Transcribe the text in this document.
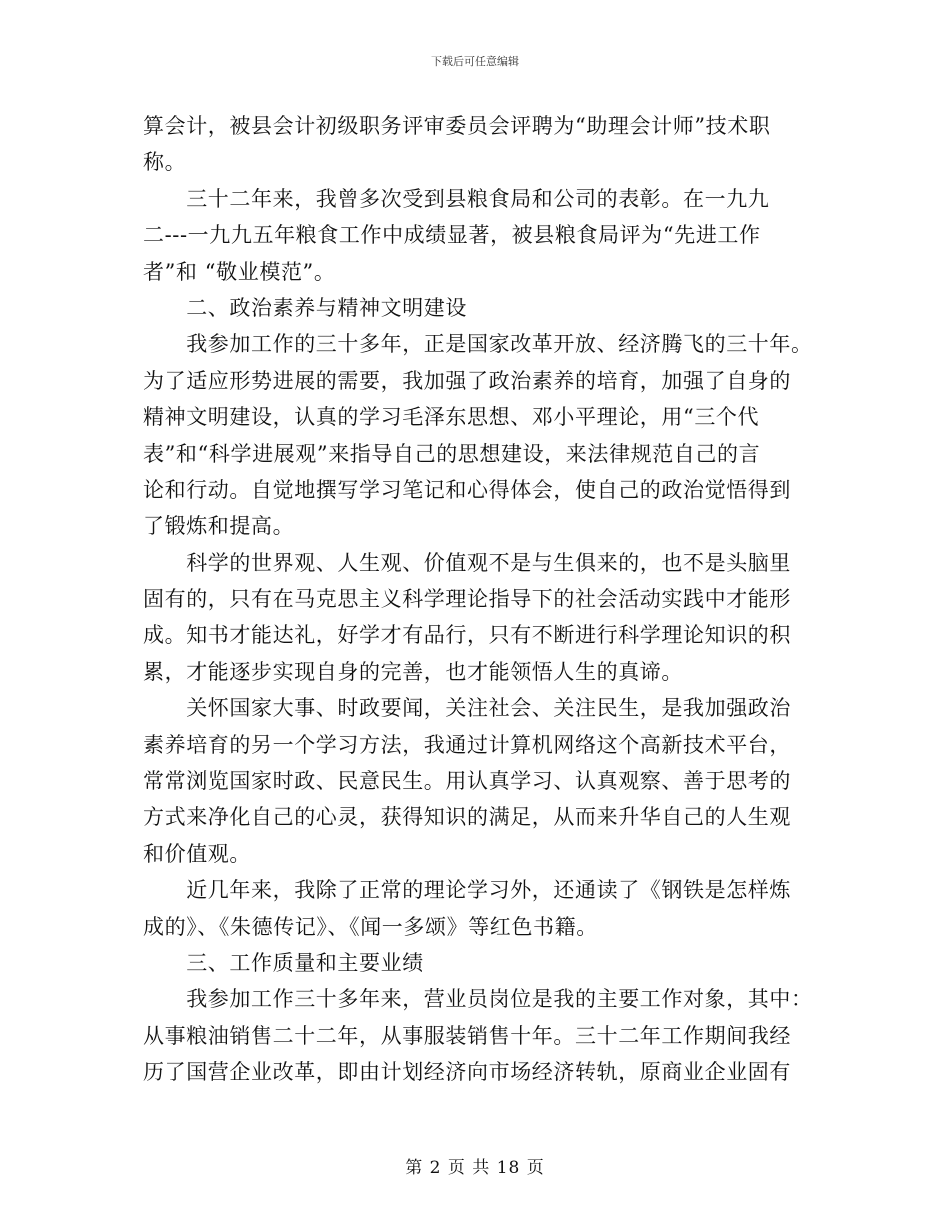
下载后可任意编辑
算会计，被县会计初级职务评审委员会评聘为“助理会计师”技术职
称。
　　三十二年来，我曾多次受到县粮食局和公司的表彰。在一九九
二---一九九五年粮食工作中成绩显著，被县粮食局评为“先进工作
者”和 “敬业模范”。
　　二、政治素养与精神文明建设
　　我参加工作的三十多年，正是国家改革开放、经济腾飞的三十年。
为了适应形势进展的需要，我加强了政治素养的培育，加强了自身的
精神文明建设，认真的学习毛泽东思想、邓小平理论，用“三个代
表”和“科学进展观”来指导自己的思想建设，来法律规范自己的言
论和行动。自觉地撰写学习笔记和心得体会，使自己的政治觉悟得到
了锻炼和提高。
　　科学的世界观、人生观、价值观不是与生俱来的，也不是头脑里
固有的，只有在马克思主义科学理论指导下的社会活动实践中才能形
成。知书才能达礼，好学才有品行，只有不断进行科学理论知识的积
累，才能逐步实现自身的完善，也才能领悟人生的真谛。
　　关怀国家大事、时政要闻，关注社会、关注民生，是我加强政治
素养培育的另一个学习方法，我通过计算机网络这个高新技术平台，
常常浏览国家时政、民意民生。用认真学习、认真观察、善于思考的
方式来净化自己的心灵，获得知识的满足，从而来升华自己的人生观
和价值观。
　　近几年来，我除了正常的理论学习外，还通读了《钢铁是怎样炼
成的》、《朱德传记》、《闻一多颂》等红色书籍。
　　三、工作质量和主要业绩
　　我参加工作三十多年来，营业员岗位是我的主要工作对象，其中：
从事粮油销售二十二年，从事服装销售十年。三十二年工作期间我经
历了国营企业改革，即由计划经济向市场经济转轨，原商业企业固有
第 2 页 共 18 页
